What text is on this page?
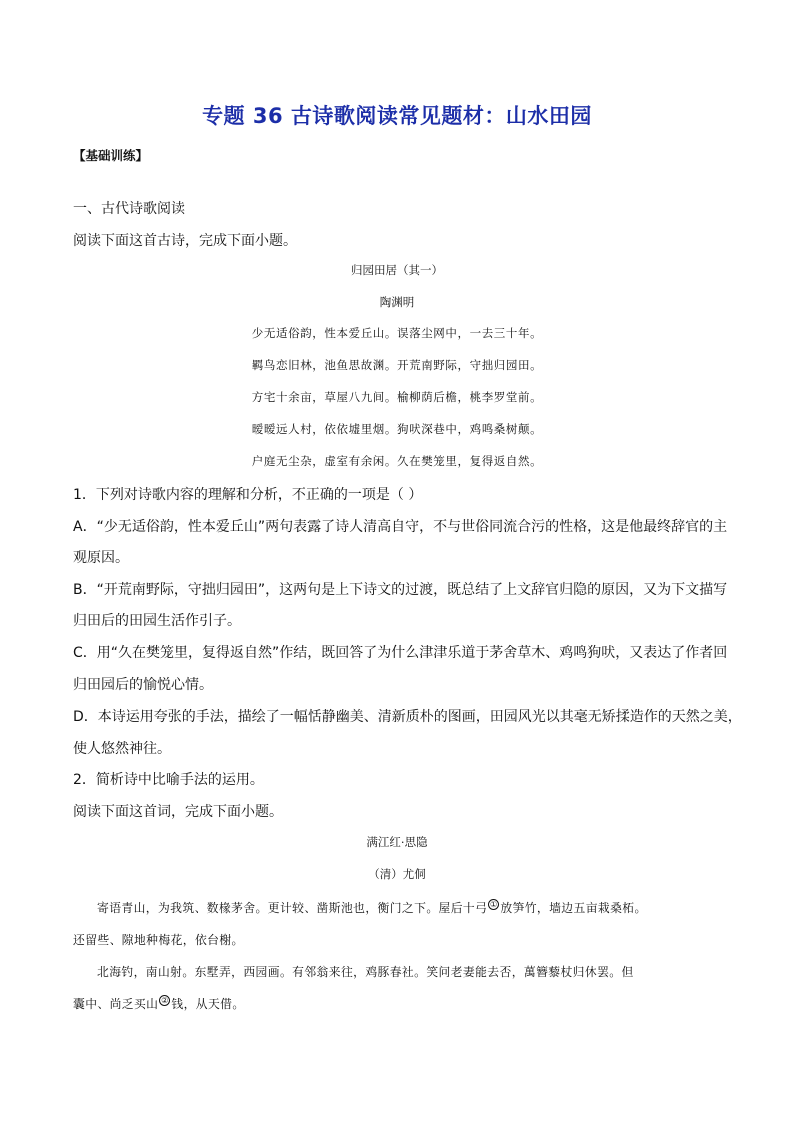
专题 36 古诗歌阅读常见题材：山水田园
【基础训练】
一、古代诗歌阅读
阅读下面这首古诗，完成下面小题。
归园田居（其一）
陶渊明
少无适俗韵，性本爱丘山。误落尘网中，一去三十年。
羁鸟恋旧林，池鱼思故渊。开荒南野际，守拙归园田。
方宅十余亩，草屋八九间。榆柳荫后檐，桃李罗堂前。
暧暧远人村，依依墟里烟。狗吠深巷中，鸡鸣桑树颠。
户庭无尘杂，虚室有余闲。久在樊笼里，复得返自然。
1．下列对诗歌内容的理解和分析，不正确的一项是（ ）
A．“少无适俗韵，性本爱丘山”两句表露了诗人清高自守，不与世俗同流合污的性格，这是他最终辞官的主
观原因。
B．“开荒南野际，守拙归园田”，这两句是上下诗文的过渡，既总结了上文辞官归隐的原因，又为下文描写
归田后的田园生活作引子。
C．用“久在樊笼里，复得返自然”作结，既回答了为什么津津乐道于茅舍草木、鸡鸣狗吠，又表达了作者回
归田园后的愉悦心情。
D．本诗运用夸张的手法，描绘了一幅恬静幽美、清新质朴的图画，田园风光以其毫无矫揉造作的天然之美，
使人悠然神往。
2．简析诗中比喻手法的运用。
阅读下面这首词，完成下面小题。
满江红·思隐
（清）尤侗
寄语青山，为我筑、数椽茅舍。更计较、凿斯池也，衡门之下。屋后十弓 ① 放笋竹，墙边五亩栽桑柘。
还留些、隙地种梅花，依台榭。
北海钓，南山射。东墅弄，西园画。有邻翁来往，鸡豚春社。笑问老妻能去否，萬簪藜杖归休罢。但
囊中、尚乏买山 ② 钱，从天借。
